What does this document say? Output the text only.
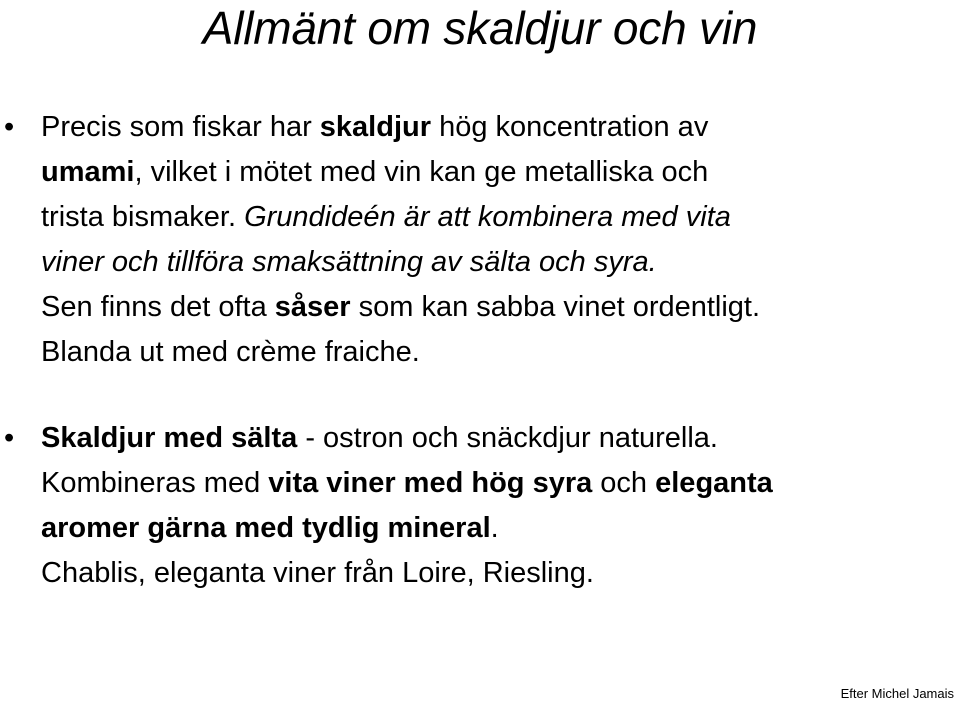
Allmänt om skaldjur och vin
• Precis som fiskar har skaldjur hög koncentration av
umami, vilket i mötet med vin kan ge metalliska och
trista bismaker. Grundideén är att kombinera med vita
viner och tillföra smaksättning av sälta och syra.
Sen finns det ofta såser som kan sabba vinet ordentligt.
Blanda ut med crème fraiche.
• Skaldjur med sälta - ostron och snäckdjur naturella.
Kombineras med vita viner med hög syra och eleganta
aromer gärna med tydlig mineral.
Chablis, eleganta viner från Loire, Riesling.
Efter Michel Jamais
